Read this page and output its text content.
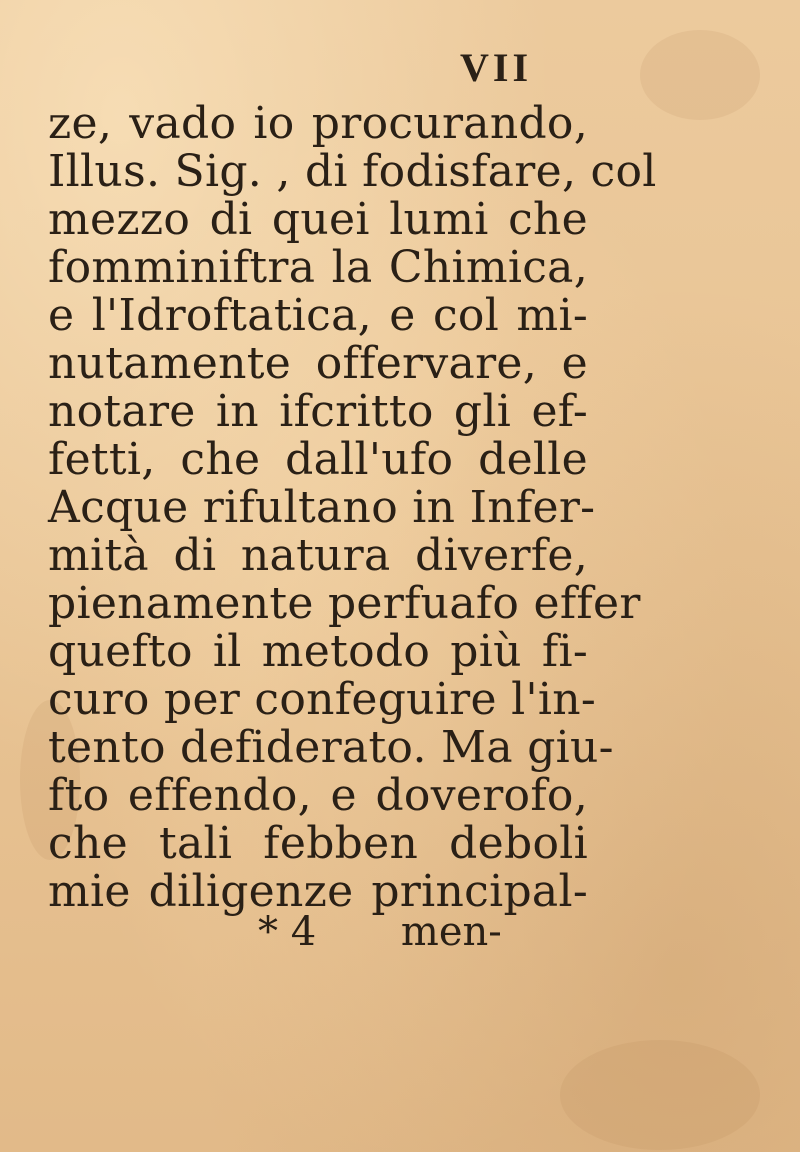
VII
ze, vado io procurando,
Illus. Sig. , di fodisfare, col
mezzo di quei lumi che
fomminiftra la Chimica,
e l'Idroftatica, e col mi-
nutamente offervare, e
notare in ifcritto gli ef-
fetti, che dall'ufo delle
Acque rifultano in Infer-
mità di natura diverfe,
pienamente perfuafo effer
quefto il metodo più fi-
curo per confeguire l'in-
tento defiderato. Ma giu-
fto effendo, e doverofo,
che tali febben deboli
mie diligenze principal-
* 4 men-
